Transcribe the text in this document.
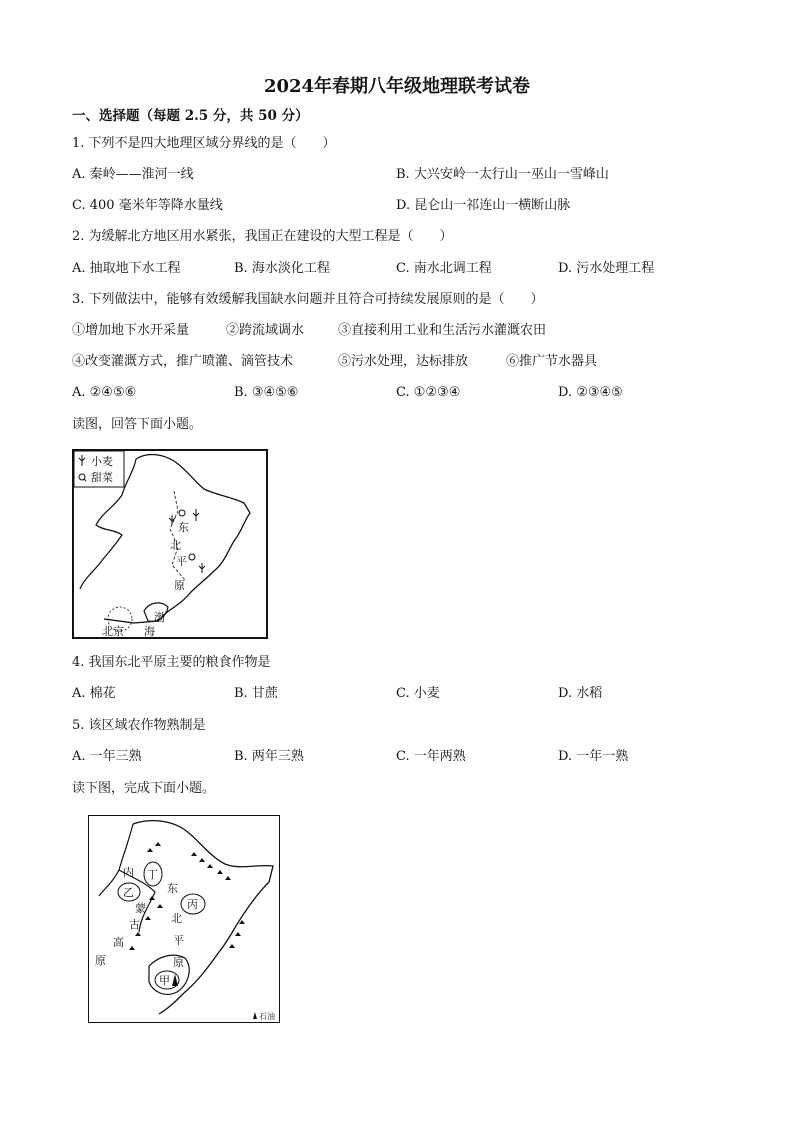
2024年春期八年级地理联考试卷
一、选择题（每题 2.5 分，共 50 分）
1. 下列不是四大地理区域分界线的是（　　）
A. 秦岭——淮河一线	B. 大兴安岭一太行山一巫山一雪峰山
C. 400 毫米年等降水量线	D. 昆仑山一祁连山一横断山脉
2. 为缓解北方地区用水紧张，我国正在建设的大型工程是（　　）
A. 抽取地下水工程	B. 海水淡化工程	C. 南水北调工程	D. 污水处理工程
3. 下列做法中，能够有效缓解我国缺水问题并且符合可持续发展原则的是（　　）
①增加地下水开采量	②跨流域调水	③直接利用工业和生活污水灌溉农田
④改变灌溉方式，推广喷灌、滴管技术	⑤污水处理，达标排放	⑥推广节水器具
A. ②④⑤⑥	B. ③④⑤⑥	C. ①②③④	D. ②③④⑤
读图，回答下面小题。
小麦
甜菜
东
北
平
原
渤
海
北京
4. 我国东北平原主要的粮食作物是
A. 棉花	B. 甘蔗	C. 小麦	D. 水稻
5. 该区域农作物熟制是
A. 一年三熟	B. 两年三熟	C. 一年两熟	D. 一年一熟
读下图，完成下面小题。
丁
内
乙
蒙
古
高
原
东
丙
北
平
原
甲
石油
